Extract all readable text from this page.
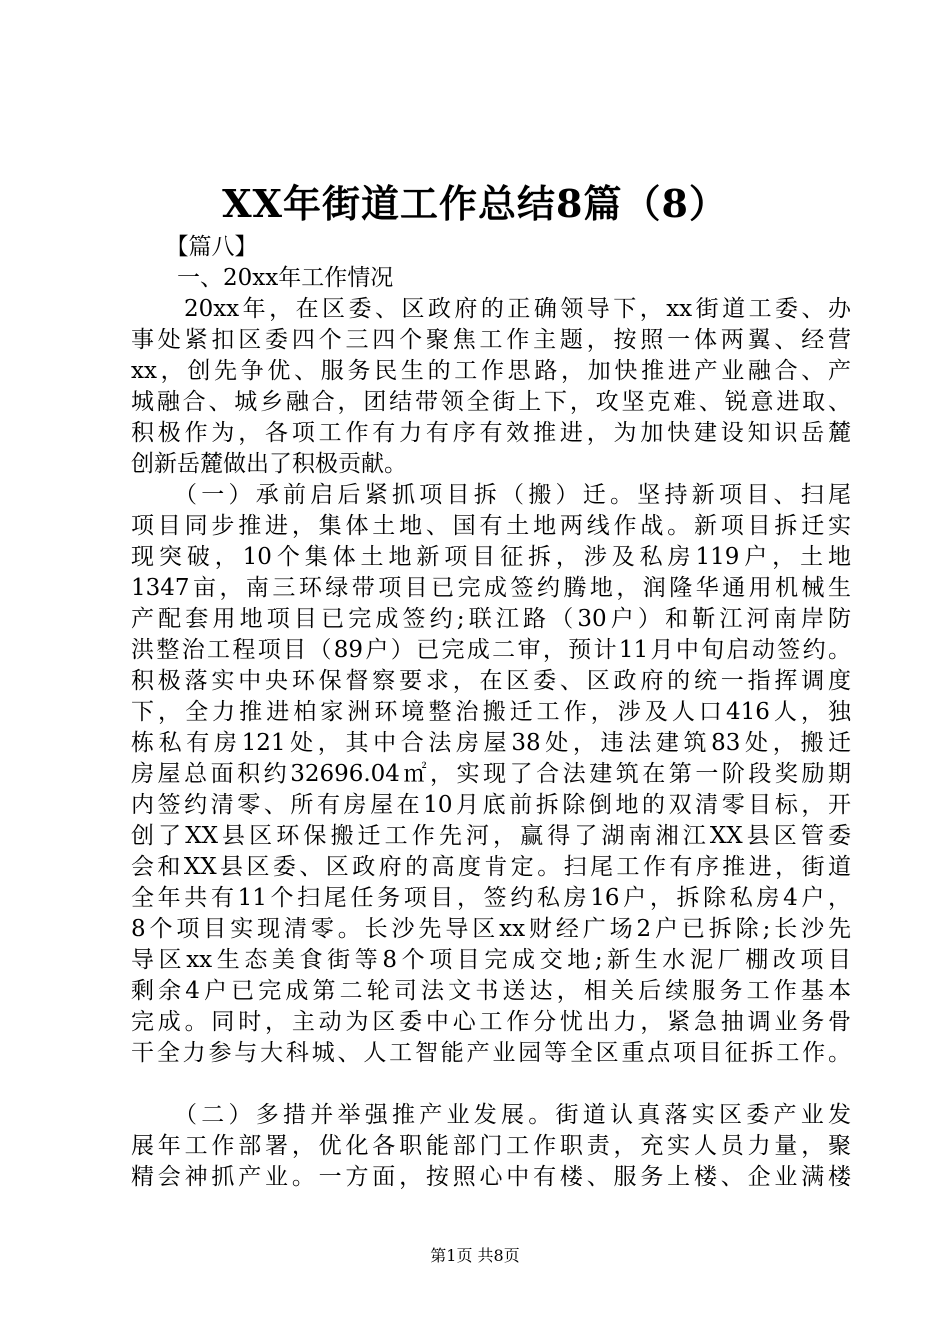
XX年街道工作总结8篇（8）
　　【篇八】
　　一、20xx年工作情况
　　20xx年，在区委、区政府的正确领导下，xx街道工委、办
事处紧扣区委四个三四个聚焦工作主题，按照一体两翼、经营
xx，创先争优、服务民生的工作思路，加快推进产业融合、产
城融合、城乡融合，团结带领全街上下，攻坚克难、锐意进取、
积极作为，各项工作有力有序有效推进，为加快建设知识岳麓
创新岳麓做出了积极贡献。
　　（一）承前启后紧抓项目拆（搬）迁。坚持新项目、扫尾
项目同步推进，集体土地、国有土地两线作战。新项目拆迁实
现突破，10个集体土地新项目征拆，涉及私房119户，土地
1347亩，南三环绿带项目已完成签约腾地，润隆华通用机械生
产配套用地项目已完成签约;联江路（30户）和靳江河南岸防
洪整治工程项目（89户）已完成二审，预计11月中旬启动签约。
积极落实中央环保督察要求，在区委、区政府的统一指挥调度
下，全力推进柏家洲环境整治搬迁工作，涉及人口416人，独
栋私有房121处，其中合法房屋38处，违法建筑83处，搬迁
房屋总面积约32696.04㎡，实现了合法建筑在第一阶段奖励期
内签约清零、所有房屋在10月底前拆除倒地的双清零目标，开
创了XX县区环保搬迁工作先河，赢得了湖南湘江XX县区管委
会和XX县区委、区政府的高度肯定。扫尾工作有序推进，街道
全年共有11个扫尾任务项目，签约私房16户，拆除私房4户，
8个项目实现清零。长沙先导区xx财经广场2户已拆除;长沙先
导区xx生态美食街等8个项目完成交地;新生水泥厂棚改项目
剩余4户已完成第二轮司法文书送达，相关后续服务工作基本
完成。同时，主动为区委中心工作分忧出力，紧急抽调业务骨
干全力参与大科城、人工智能产业园等全区重点项目征拆工作。
　　（二）多措并举强推产业发展。街道认真落实区委产业发
展年工作部署，优化各职能部门工作职责，充实人员力量，聚
精会神抓产业。一方面，按照心中有楼、服务上楼、企业满楼
第1页 共8页
